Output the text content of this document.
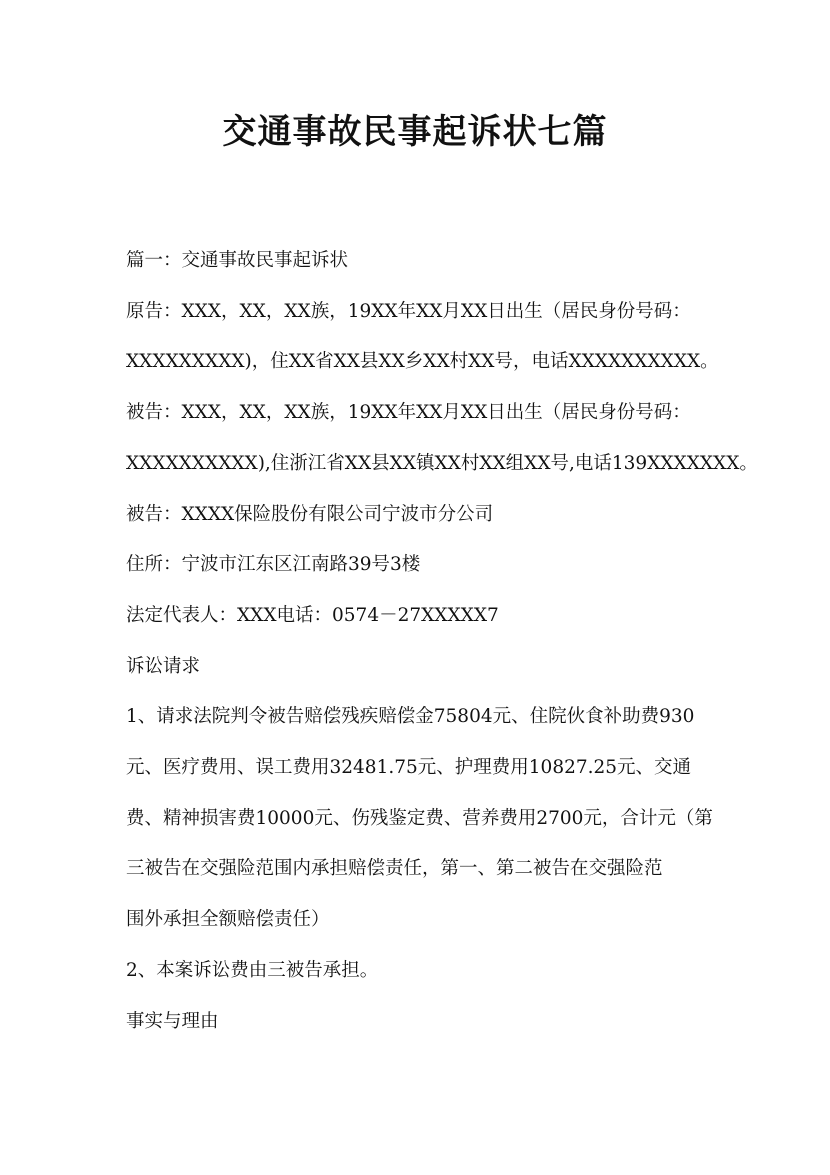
交通事故民事起诉状七篇
篇一：交通事故民事起诉状
原告：XXX，XX，XX族，19XX年XX月XX日出生（居民身份号码：
XXXXXXXXX)，住XX省XX县XX乡XX村XX号，电话XXXXXXXXXX。
被告：XXX，XX，XX族，19XX年XX月XX日出生（居民身份号码：
XXXXXXXXXX),住浙江省XX县XX镇XX村XX组XX号,电话139XXXXXXX。
被告：XXXX保险股份有限公司宁波市分公司
住所：宁波市江东区江南路39号3楼
法定代表人：XXX电话：0574－27XXXXX7
诉讼请求
1、请求法院判令被告赔偿残疾赔偿金75804元、住院伙食补助费930
元、医疗费用、误工费用32481.75元、护理费用10827.25元、交通
费、精神损害费10000元、伤残鉴定费、营养费用2700元，合计元（第
三被告在交强险范围内承担赔偿责任，第一、第二被告在交强险范
围外承担全额赔偿责任）
2、本案诉讼费由三被告承担。
事实与理由
